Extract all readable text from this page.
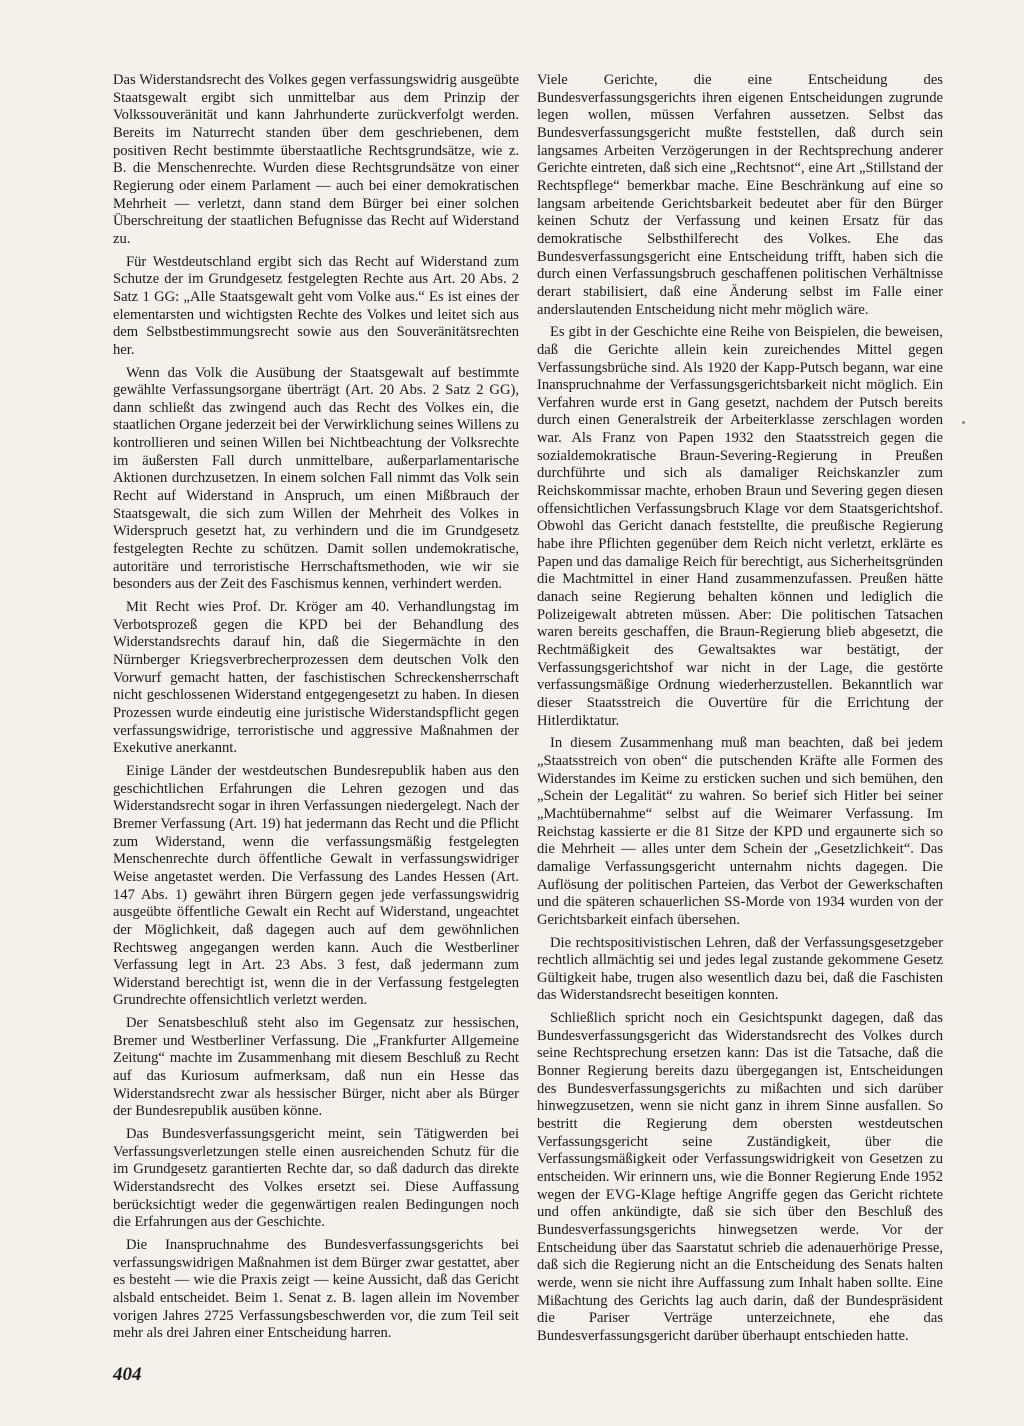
Das Widerstandsrecht des Volkes gegen verfassungswidrig ausgeübte Staatsgewalt ergibt sich unmittelbar aus dem Prinzip der Volkssouveränität und kann Jahrhunderte zurückverfolgt werden. Bereits im Naturrecht standen über dem geschriebenen, dem positiven Recht bestimmte überstaatliche Rechtsgrundsätze, wie z. B. die Menschenrechte. Wurden diese Rechtsgrundsätze von einer Regierung oder einem Parlament — auch bei einer demokratischen Mehrheit — verletzt, dann stand dem Bürger bei einer solchen Überschreitung der staatlichen Befugnisse das Recht auf Widerstand zu.

Für Westdeutschland ergibt sich das Recht auf Widerstand zum Schutze der im Grundgesetz festgelegten Rechte aus Art. 20 Abs. 2 Satz 1 GG: „Alle Staatsgewalt geht vom Volke aus.“ Es ist eines der elementarsten und wichtigsten Rechte des Volkes und leitet sich aus dem Selbstbestimmungsrecht sowie aus den Souveränitätsrechten her.

Wenn das Volk die Ausübung der Staatsgewalt auf bestimmte gewählte Verfassungsorgane überträgt (Art. 20 Abs. 2 Satz 2 GG), dann schließt das zwingend auch das Recht des Volkes ein, die staatlichen Organe jederzeit bei der Verwirklichung seines Willens zu kontrollieren und seinen Willen bei Nichtbeachtung der Volksrechte im äußersten Fall durch unmittelbare, außerparlamentarische Aktionen durchzusetzen. In einem solchen Fall nimmt das Volk sein Recht auf Widerstand in Anspruch, um einen Mißbrauch der Staatsgewalt, die sich zum Willen der Mehrheit des Volkes in Widerspruch gesetzt hat, zu verhindern und die im Grundgesetz festgelegten Rechte zu schützen. Damit sollen undemokratische, autoritäre und terroristische Herrschaftsmethoden, wie wir sie besonders aus der Zeit des Faschismus kennen, verhindert werden.

Mit Recht wies Prof. Dr. Kröger am 40. Verhandlungstag im Verbotsprozeß gegen die KPD bei der Behandlung des Widerstandsrechts darauf hin, daß die Siegermächte in den Nürnberger Kriegsverbrecherprozessen dem deutschen Volk den Vorwurf gemacht hatten, der faschistischen Schreckensherrschaft nicht geschlossenen Widerstand entgegengesetzt zu haben. In diesen Prozessen wurde eindeutig eine juristische Widerstandspflicht gegen verfassungswidrige, terroristische und aggressive Maßnahmen der Exekutive anerkannt.

Einige Länder der westdeutschen Bundesrepublik haben aus den geschichtlichen Erfahrungen die Lehren gezogen und das Widerstandsrecht sogar in ihren Verfassungen niedergelegt. Nach der Bremer Verfassung (Art. 19) hat jedermann das Recht und die Pflicht zum Widerstand, wenn die verfassungsmäßig festgelegten Menschenrechte durch öffentliche Gewalt in verfassungswidriger Weise angetastet werden. Die Verfassung des Landes Hessen (Art. 147 Abs. 1) gewährt ihren Bürgern gegen jede verfassungswidrig ausgeübte öffentliche Gewalt ein Recht auf Widerstand, ungeachtet der Möglichkeit, daß dagegen auch auf dem gewöhnlichen Rechtsweg angegangen werden kann. Auch die Westberliner Verfassung legt in Art. 23 Abs. 3 fest, daß jedermann zum Widerstand berechtigt ist, wenn die in der Verfassung festgelegten Grundrechte offensichtlich verletzt werden.

Der Senatsbeschluß steht also im Gegensatz zur hessischen, Bremer und Westberliner Verfassung. Die „Frankfurter Allgemeine Zeitung“ machte im Zusammenhang mit diesem Beschluß zu Recht auf das Kuriosum aufmerksam, daß nun ein Hesse das Widerstandsrecht zwar als hessischer Bürger, nicht aber als Bürger der Bundesrepublik ausüben könne.

Das Bundesverfassungsgericht meint, sein Tätigwerden bei Verfassungsverletzungen stelle einen ausreichenden Schutz für die im Grundgesetz garantierten Rechte dar, so daß dadurch das direkte Widerstandsrecht des Volkes ersetzt sei. Diese Auffassung berücksichtigt weder die gegenwärtigen realen Bedingungen noch die Erfahrungen aus der Geschichte.

Die Inanspruchnahme des Bundesverfassungsgerichts bei verfassungswidrigen Maßnahmen ist dem Bürger zwar gestattet, aber es besteht — wie die Praxis zeigt — keine Aussicht, daß das Gericht alsbald entscheidet. Beim 1. Senat z. B. lagen allein im November vorigen Jahres 2725 Verfassungsbeschwerden vor, die zum Teil seit mehr als drei Jahren einer Entscheidung harren.

Viele Gerichte, die eine Entscheidung des Bundesverfassungsgerichts ihren eigenen Entscheidungen zugrunde legen wollen, müssen Verfahren aussetzen. Selbst das Bundesverfassungsgericht mußte feststellen, daß durch sein langsames Arbeiten Verzögerungen in der Rechtsprechung anderer Gerichte eintreten, daß sich eine „Rechtsnot“, eine Art „Stillstand der Rechtspflege“ bemerkbar mache. Eine Beschränkung auf eine so langsam arbeitende Gerichtsbarkeit bedeutet aber für den Bürger keinen Schutz der Verfassung und keinen Ersatz für das demokratische Selbsthilferecht des Volkes. Ehe das Bundesverfassungsgericht eine Entscheidung trifft, haben sich die durch einen Verfassungsbruch geschaffenen politischen Verhältnisse derart stabilisiert, daß eine Änderung selbst im Falle einer anderslautenden Entscheidung nicht mehr möglich wäre.

Es gibt in der Geschichte eine Reihe von Beispielen, die beweisen, daß die Gerichte allein kein zureichendes Mittel gegen Verfassungsbrüche sind. Als 1920 der Kapp-Putsch begann, war eine Inanspruchnahme der Verfassungsgerichtsbarkeit nicht möglich. Ein Verfahren wurde erst in Gang gesetzt, nachdem der Putsch bereits durch einen Generalstreik der Arbeiterklasse zerschlagen worden war. Als Franz von Papen 1932 den Staatsstreich gegen die sozialdemokratische Braun-Severing-Regierung in Preußen durchführte und sich als damaliger Reichskanzler zum Reichskommissar machte, erhoben Braun und Severing gegen diesen offensichtlichen Verfassungsbruch Klage vor dem Staatsgerichtshof. Obwohl das Gericht danach feststellte, die preußische Regierung habe ihre Pflichten gegenüber dem Reich nicht verletzt, erklärte es Papen und das damalige Reich für berechtigt, aus Sicherheitsgründen die Machtmittel in einer Hand zusammenzufassen. Preußen hätte danach seine Regierung behalten können und lediglich die Polizeigewalt abtreten müssen. Aber: Die politischen Tatsachen waren bereits geschaffen, die Braun-Regierung blieb abgesetzt, die Rechtmäßigkeit des Gewaltsaktes war bestätigt, der Verfassungsgerichtshof war nicht in der Lage, die gestörte verfassungsmäßige Ordnung wiederherzustellen. Bekanntlich war dieser Staatsstreich die Ouvertüre für die Errichtung der Hitlerdiktatur.

In diesem Zusammenhang muß man beachten, daß bei jedem „Staatsstreich von oben“ die putschenden Kräfte alle Formen des Widerstandes im Keime zu ersticken suchen und sich bemühen, den „Schein der Legalität“ zu wahren. So berief sich Hitler bei seiner „Machtübernahme“ selbst auf die Weimarer Verfassung. Im Reichstag kassierte er die 81 Sitze der KPD und ergaunerte sich so die Mehrheit — alles unter dem Schein der „Gesetzlichkeit“. Das damalige Verfassungsgericht unternahm nichts dagegen. Die Auflösung der politischen Parteien, das Verbot der Gewerkschaften und die späteren schauerlichen SS-Morde von 1934 wurden von der Gerichtsbarkeit einfach übersehen.

Die rechtspositivistischen Lehren, daß der Verfassungsgesetzgeber rechtlich allmächtig sei und jedes legal zustande gekommene Gesetz Gültigkeit habe, trugen also wesentlich dazu bei, daß die Faschisten das Widerstandsrecht beseitigen konnten.

Schließlich spricht noch ein Gesichtspunkt dagegen, daß das Bundesverfassungsgericht das Widerstandsrecht des Volkes durch seine Rechtsprechung ersetzen kann: Das ist die Tatsache, daß die Bonner Regierung bereits dazu übergegangen ist, Entscheidungen des Bundesverfassungsgerichts zu mißachten und sich darüber hinwegzusetzen, wenn sie nicht ganz in ihrem Sinne ausfallen. So bestritt die Regierung dem obersten westdeutschen Verfassungsgericht seine Zuständigkeit, über die Verfassungsmäßigkeit oder Verfassungswidrigkeit von Gesetzen zu entscheiden. Wir erinnern uns, wie die Bonner Regierung Ende 1952 wegen der EVG-Klage heftige Angriffe gegen das Gericht richtete und offen ankündigte, daß sie sich über den Beschluß des Bundesverfassungsgerichts hinwegsetzen werde. Vor der Entscheidung über das Saarstatut schrieb die adenauerhörige Presse, daß sich die Regierung nicht an die Entscheidung des Senats halten werde, wenn sie nicht ihre Auffassung zum Inhalt haben sollte. Eine Mißachtung des Gerichts lag auch darin, daß der Bundespräsident die Pariser Verträge unterzeichnete, ehe das Bundesverfassungsgericht darüber überhaupt entschieden hatte.

404
